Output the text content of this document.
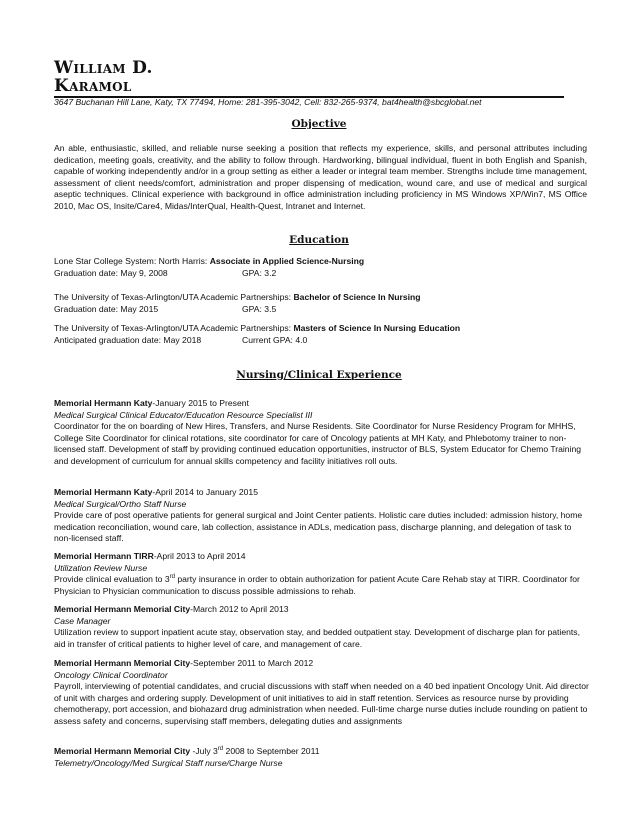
William D.

Karamol
3647 Buchanan Hill Lane, Katy, TX 77494, Home: 281-395-3042, Cell: 832-265-9374, bat4health@sbcglobal.net
Objective
An able, enthusiastic, skilled, and reliable nurse seeking a position that reflects my experience, skills, and personal attributes including dedication, meeting goals, creativity, and the ability to follow through. Hardworking, bilingual individual, fluent in both English and Spanish, capable of working independently and/or in a group setting as either a leader or integral team member. Strengths include time management, assessment of client needs/comfort, administration and proper dispensing of medication, wound care, and use of medical and surgical aseptic techniques. Clinical experience with background in office administration including proficiency in MS Windows XP/Win7, MS Office 2010, Mac OS, Insite/Care4, Midas/InterQual, Health-Quest, Intranet and Internet.
Education
Lone Star College System: North Harris: Associate in Applied Science-Nursing
Graduation date: May 9, 2008	GPA: 3.2
The University of Texas-Arlington/UTA Academic Partnerships: Bachelor of Science In Nursing
Graduation date: May 2015	GPA: 3.5
The University of Texas-Arlington/UTA Academic Partnerships: Masters of Science In Nursing Education
Anticipated graduation date: May 2018	Current GPA: 4.0
Nursing/Clinical Experience
Memorial Hermann Katy-January 2015 to Present
Medical Surgical Clinical Educator/Education Resource Specialist III
Coordinator for the on boarding of New Hires, Transfers, and Nurse Residents. Site Coordinator for Nurse Residency Program for MHHS, College Site Coordinator for clinical rotations, site coordinator for care of Oncology patients at MH Katy, and Phlebotomy trainer to non-licensed staff. Development of staff by providing continued education opportunities, instructor of BLS, System Educator for Chemo Training and development of curriculum for annual skills competency and facility initiatives roll outs.
Memorial Hermann Katy-April 2014 to January 2015
Medical Surgical/Ortho Staff Nurse
Provide care of post operative patients for general surgical and Joint Center patients. Holistic care duties included: admission history, home medication reconciliation, wound care, lab collection, assistance in ADLs, medication pass, discharge planning, and delegation of task to non-licensed staff.
Memorial Hermann TIRR-April 2013 to April 2014
Utilization Review Nurse
Provide clinical evaluation to 3rd party insurance in order to obtain authorization for patient Acute Care Rehab stay at TIRR. Coordinator for Physician to Physician communication to discuss possible admissions to rehab.
Memorial Hermann Memorial City-March 2012 to April 2013
Case Manager
Utilization review to support inpatient acute stay, observation stay, and bedded outpatient stay. Development of discharge plan for patients, aid in transfer of critical patients to higher level of care, and management of care.
Memorial Hermann Memorial City-September 2011 to March 2012
Oncology Clinical Coordinator
Payroll, interviewing of potential candidates, and crucial discussions with staff when needed on a 40 bed inpatient Oncology Unit. Aid director of unit with charges and ordering supply. Development of unit initiatives to aid in staff retention. Services as resource nurse by providing chemotherapy, port accession, and biohazard drug administration when needed. Full-time charge nurse duties include rounding on patient to assess safety and concerns, supervising staff members, delegating duties and assignments
Memorial Hermann Memorial City -July 3rd 2008 to September 2011
Telemetry/Oncology/Med Surgical Staff nurse/Charge Nurse
